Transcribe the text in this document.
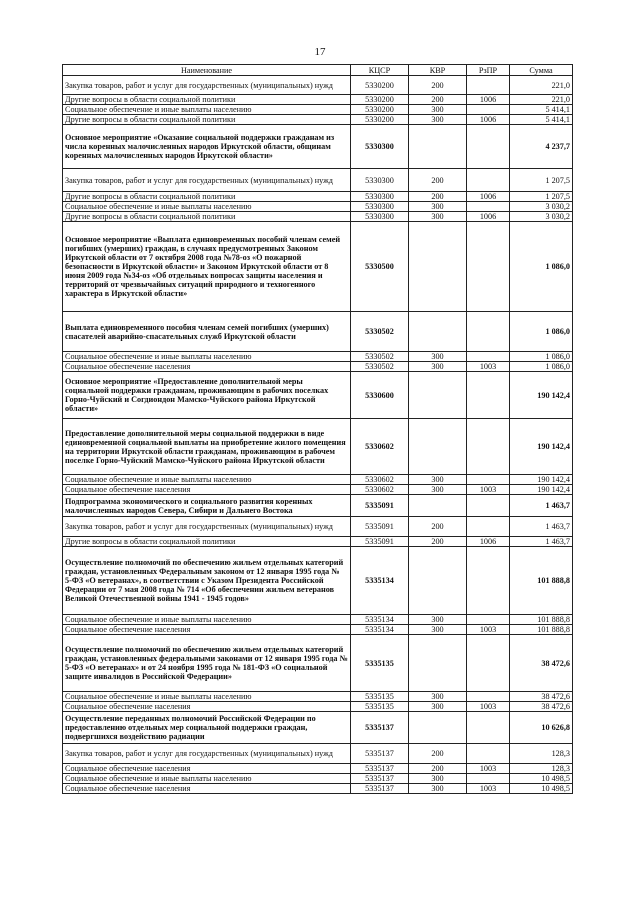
17
Наименование	КЦСР	КВР	РзПР	Сумма
Закупка товаров, работ и услуг для государственных (муниципальных) нужд	5330200	200		221,0
Другие вопросы в области социальной политики	5330200	200	1006	221,0
Социальное обеспечение и иные выплаты населению	5330200	300		5 414,1
Другие вопросы в области социальной политики	5330200	300	1006	5 414,1
Основное мероприятие «Оказание социальной поддержки гражданам из числа коренных малочисленных народов Иркутской области, общинам коренных малочисленных народов Иркутской области»	5330300			4 237,7
Закупка товаров, работ и услуг для государственных (муниципальных) нужд	5330300	200		1 207,5
Другие вопросы в области социальной политики	5330300	200	1006	1 207,5
Социальное обеспечение и иные выплаты населению	5330300	300		3 030,2
Другие вопросы в области социальной политики	5330300	300	1006	3 030,2
Основное мероприятие «Выплата единовременных пособий членам семей погибших (умерших) граждан, в случаях предусмотренных Законом Иркутской области от 7 октября 2008 года №78-оз «О пожарной безопасности в Иркутской области» и Законом Иркутской области от 8 июня 2009 года №34-оз «Об отдельных вопросах защиты населения и территорий от чрезвычайных ситуаций природного и техногенного характера в Иркутской области»	5330500			1 086,0
Выплата единовременного пособия членам семей погибших (умерших) спасателей аварийно-спасательных служб Иркутской области	5330502			1 086,0
Социальное обеспечение и иные выплаты населению	5330502	300		1 086,0
Социальное обеспечение населения	5330502	300	1003	1 086,0
Основное мероприятие «Предоставление дополнительной меры социальной поддержки гражданам, проживающим в рабочих поселках Горно-Чуйский и Согдиондон Мамско-Чуйского района Иркутской области»	5330600			190 142,4
Предоставление дополнительной меры социальной поддержки в виде единовременной социальной выплаты на приобретение жилого помещения на территории Иркутской области гражданам, проживающим в рабочем поселке Горно-Чуйский Мамско-Чуйского района Иркутской области	5330602			190 142,4
Социальное обеспечение и иные выплаты населению	5330602	300		190 142,4
Социальное обеспечение населения	5330602	300	1003	190 142,4
Подпрограмма экономического и социального развития коренных малочисленных народов Севера, Сибири и Дальнего Востока	5335091			1 463,7
Закупка товаров, работ и услуг для государственных (муниципальных) нужд	5335091	200		1 463,7
Другие вопросы в области социальной политики	5335091	200	1006	1 463,7
Осуществление полномочий по обеспечению жильем отдельных категорий граждан, установленных Федеральным законом от 12 января 1995 года № 5-ФЗ «О ветеранах», в соответствии с Указом Президента Российской Федерации от 7 мая 2008 года № 714 «Об обеспечении жильем ветеранов Великой Отечественной войны 1941 - 1945 годов»	5335134			101 888,8
Социальное обеспечение и иные выплаты населению	5335134	300		101 888,8
Социальное обеспечение населения	5335134	300	1003	101 888,8
Осуществление полномочий по обеспечению жильем отдельных категорий граждан, установленных федеральными законами от 12 января 1995 года № 5-ФЗ «О ветеранах» и от 24 ноября 1995 года № 181-ФЗ «О социальной защите инвалидов в Российской Федерации»	5335135			38 472,6
Социальное обеспечение и иные выплаты населению	5335135	300		38 472,6
Социальное обеспечение населения	5335135	300	1003	38 472,6
Осуществление переданных полномочий Российской Федерации по предоставлению отдельных мер социальной поддержки граждан, подвергшихся воздействию радиации	5335137			10 626,8
Закупка товаров, работ и услуг для государственных (муниципальных) нужд	5335137	200		128,3
Социальное обеспечение населения	5335137	200	1003	128,3
Социальное обеспечение и иные выплаты населению	5335137	300		10 498,5
Социальное обеспечение населения	5335137	300	1003	10 498,5
